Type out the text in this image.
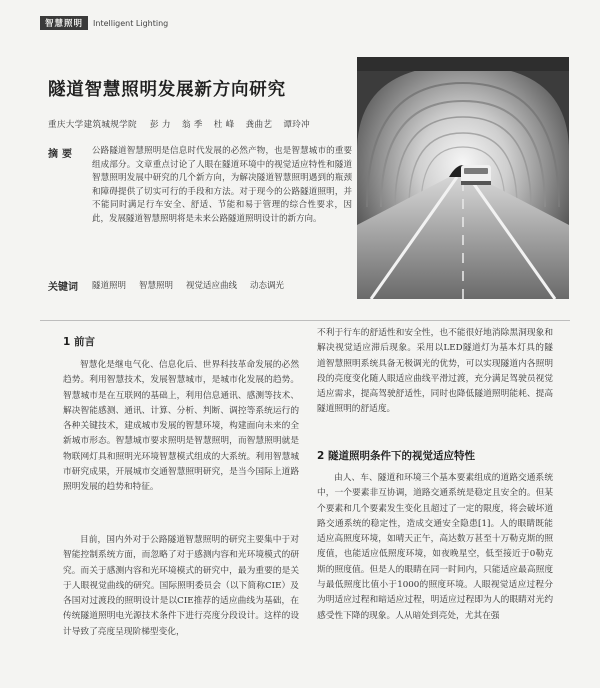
智慧照明	Intelligent Lighting
隧道智慧照明发展新方向研究
重庆大学建筑城规学院 彭 力 翁 季 杜 峰 龚曲艺 谭玲冲
摘要 公路隧道智慧照明是信息时代发展的必然产物，也是智慧城市的重要组成部分。文章重点讨论了人眼在隧道环境中的视觉适应特性和隧道智慧照明发展中研究的几个新方向，为解决隧道智慧照明遇到的瓶颈和障碍提供了切实可行的手段和方法。对于现今的公路隧道照明，并不能同时满足行车安全、舒适、节能和易于管理的综合性要求，因此，发展隧道智慧照明将是未来公路隧道照明设计的新方向。
关键词 隧道照明 智慧照明 视觉适应曲线 动态调光
1 前言

智慧化是继电气化、信息化后、世界科技革命发展的必然趋势。利用智慧技术，发展智慧城市，是城市化发展的趋势。智慧城市是在互联网的基础上，利用信息通讯、感测等技术、解决智能感测、通讯、计算、分析、判断、调控等系统运行的各种关键技术，建成城市发展的智慧环境，构建面向未来的全新城市形态。智慧城市要求照明是智慧照明，而智慧照明就是物联网灯具和照明光环境智慧模式组成的大系统。利用智慧城市研究成果，开展城市交通智慧照明研究，是当今国际上道路照明发展的趋势和特征。

目前，国内外对于公路隧道智慧照明的研究主要集中于对智能控制系统方面，而忽略了对于感测内容和光环境模式的研究。而关于感测内容和光环境模式的研究中，最为重要的是关于人眼视觉曲线的研究。国际照明委员会（以下简称CIE）及各国对过渡段的照明设计是以CIE推荐的适应曲线为基础，在传统隧道照明电光源技术条件下进行亮度分段设计。这样的设计导致了亮度呈现阶梯型变化，

不利于行车的舒适性和安全性，也不能很好地消除黑洞现象和解决视觉适应滞后现象。采用以LED隧道灯为基本灯具的隧道智慧照明系统具备无极调光的优势，可以实现隧道内各照明段的亮度变化随人眼适应曲线平滑过渡，充分满足驾驶员视觉适应需求，提高驾驶舒适性，同时也降低隧道照明能耗、提高隧道照明的舒适度。

2 隧道照明条件下的视觉适应特性

由人、车、隧道和环境三个基本要素组成的道路交通系统中，一个要素非互协调，道路交通系统是稳定且安全的。但某个要素和几个要素发生变化且超过了一定的限度，将会破坏道路交通系统的稳定性，造成交通安全隐患[1]。人的眼睛既能适应高照度环境，如晴天正午，高达数万甚至十万勒克斯的照度值，也能适应低照度环境，如夜晚星空，低至接近于0勒克斯的照度值。但是人的眼睛在同一时间内，只能适应最高照度与最低照度比值小于1000的照度环境。人眼视觉适应过程分为明适应过程和暗适应过程，明适应过程即为人的眼睛对光约感受性下降的现象。人从暗处到亮处，尤其在强
